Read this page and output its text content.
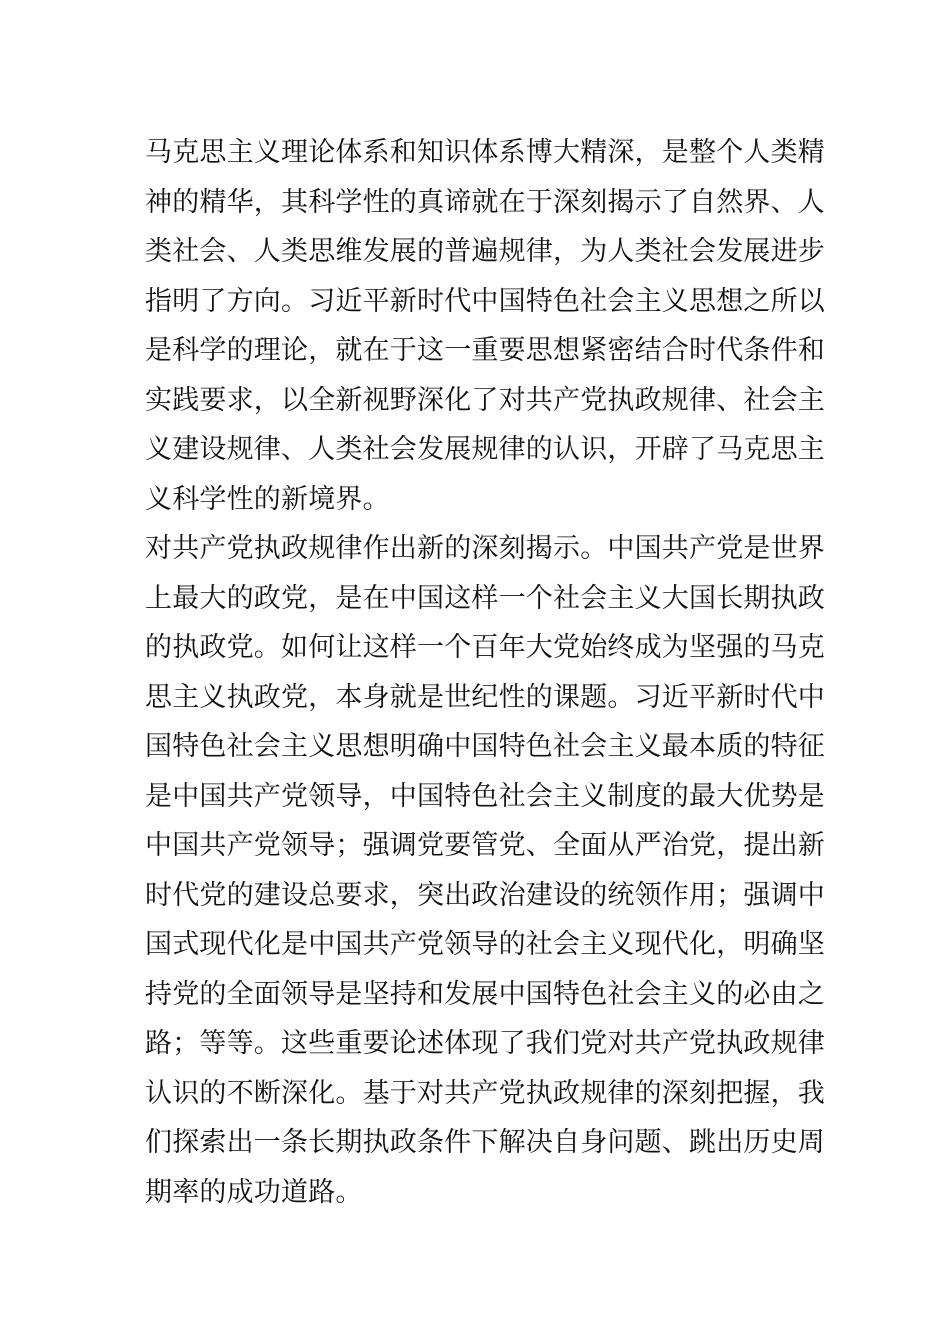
马克思主义理论体系和知识体系博大精深，是整个人类精
神的精华，其科学性的真谛就在于深刻揭示了自然界、人
类社会、人类思维发展的普遍规律，为人类社会发展进步
指明了方向。习近平新时代中国特色社会主义思想之所以
是科学的理论，就在于这一重要思想紧密结合时代条件和
实践要求，以全新视野深化了对共产党执政规律、社会主
义建设规律、人类社会发展规律的认识，开辟了马克思主
义科学性的新境界。
对共产党执政规律作出新的深刻揭示。中国共产党是世界
上最大的政党，是在中国这样一个社会主义大国长期执政
的执政党。如何让这样一个百年大党始终成为坚强的马克
思主义执政党，本身就是世纪性的课题。习近平新时代中
国特色社会主义思想明确中国特色社会主义最本质的特征
是中国共产党领导，中国特色社会主义制度的最大优势是
中国共产党领导；强调党要管党、全面从严治党，提出新
时代党的建设总要求，突出政治建设的统领作用；强调中
国式现代化是中国共产党领导的社会主义现代化，明确坚
持党的全面领导是坚持和发展中国特色社会主义的必由之
路；等等。这些重要论述体现了我们党对共产党执政规律
认识的不断深化。基于对共产党执政规律的深刻把握，我
们探索出一条长期执政条件下解决自身问题、跳出历史周
期率的成功道路。
